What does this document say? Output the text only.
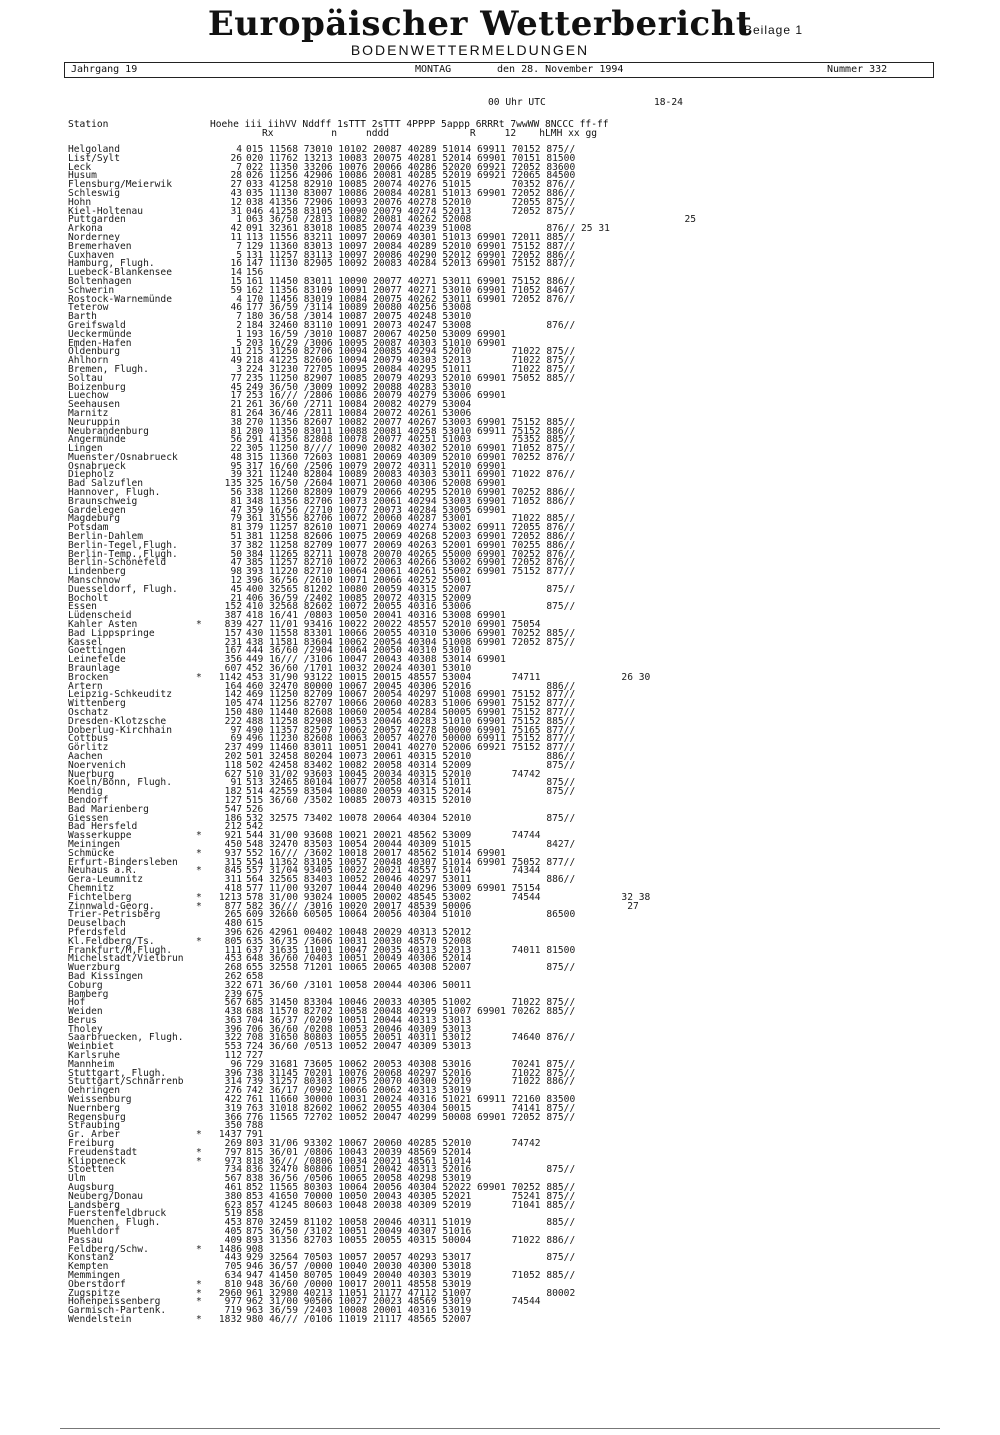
Europäischer Wetterbericht
Beilage 1
BODENWETTERMELDUNGEN
Jahrgang 19	MONTAG	den 28. November 1994	Nummer 332
00 Uhr UTC	18-24
Station	Hoehe iii iihVV Nddff 1sTTT 2sTTT 4PPPP 5appp 6RRRt 7wwWW 8NCCC ff-ff
Rx          n     nddd              R     12    hLMH xx gg
Helgoland	4 015 11568 73010 10102 20087 40289 51014 69911 70152 875//
List/Sylt	26 020 11762 13213 10083 20075 40281 52014 69901 70151 81500
Leck	7 022 11350 33206 10076 20066 40286 52020 69921 72052 83600
Husum	28 026 11256 42906 10086 20081 40285 52019 69921 72065 84500
Flensburg/Meierwik	27 033 41258 82910 10085 20074 40276 51015       70352 876//
Schleswig	43 035 11130 83007 10086 20084 40281 51013 69901 72052 886//
Hohn	12 038 41356 72906 10093 20076 40278 52010       72055 875//
Kiel-Holtenau	31 046 41258 83105 10090 20079 40274 52013       72052 875//
Puttgarden	1 063 36/50 /2813 10082 20081 40262 52008	25
Arkona	42 091 32361 83018 10085 20074 40239 51008             876// 25 31
Norderney	11 113 11556 83211 10097 20069 40301 51013 69901 72011 885//
Bremerhaven	7 129 11360 83013 10097 20084 40289 52010 69901 75152 887//
Cuxhaven	5 131 11257 83113 10097 20086 40290 52012 69901 72052 886//
Hamburg, Flugh.	16 147 11130 82905 10092 20083 40284 52013 69901 75152 887//
Luebeck-Blankensee	14 156
Boltenhagen	15 161 11450 83011 10090 20077 40271 53011 69901 75152 886//
Schwerin	59 162 11356 83109 10091 20077 40271 53010 69901 71052 8467/
Rostock-Warnemünde	4 170 11456 83019 10084 20075 40262 53011 69901 72052 876//
Teterow	46 177 36/59 /3114 10089 20080 40256 53008
Barth	7 180 36/58 /3014 10087 20075 40248 53010
Greifswald	2 184 32460 83110 10091 20073 40247 53008             876//
Ueckermünde	1 193 16/59 /3010 10087 20067 40250 53009 69901
Emden-Hafen	5 203 16/29 /3006 10095 20087 40303 51010 69901
Oldenburg	11 215 31250 82706 10094 20085 40294 52010       71022 875//
Ahlhorn	49 218 41225 82606 10094 20079 40303 52013       71022 875//
Bremen, Flugh.	3 224 31230 72705 10095 20084 40295 51011       71022 875//
Soltau	77 235 11250 82907 10085 20079 40293 52010 69901 75052 885//
Boizenburg	45 249 36/50 /3009 10092 20088 40283 53010
Luechow	17 253 16/// /2806 10086 20079 40279 53006 69901
Seehausen	21 261 36/60 /2711 10084 20082 40279 53004
Marnitz	81 264 36/46 /2811 10084 20072 40261 53006
Neuruppin	38 270 11356 82607 10082 20077 40267 53003 69901 75152 885//
Neubrandenburg	81 280 11350 83011 10088 20081 40258 53010 69911 75152 886//
Angermünde	56 291 41356 82808 10078 20077 40251 51003       75352 885//
Lingen	22 305 11250 8//// 10090 20082 40302 52010 69901 71052 875//
Muenster/Osnabrueck	48 315 11360 72603 10081 20069 40309 52010 69901 70252 876//
Osnabrueck	95 317 16/60 /2506 10079 20072 40311 52010 69901
Diepholz	39 321 11240 82804 10089 20083 40303 53011 69901 71022 876//
Bad Salzuflen	135 325 16/50 /2604 10071 20060 40306 52008 69901
Hannover, Flugh.	56 338 11260 82809 10079 20066 40295 52010 69901 70252 886//
Braunschweig	81 348 11356 82706 10073 20061 40294 53003 69901 71052 886//
Gardelegen	47 359 16/56 /2710 10077 20073 40284 53005 69901
Magdeburg	79 361 31556 82706 10072 20060 40287 53001       71022 885//
Potsdam	81 379 11257 82610 10071 20069 40274 53002 69911 72055 876//
Berlin-Dahlem	51 381 11258 82606 10075 20069 40268 52003 69901 72052 886//
Berlin-Tegel,Flugh.	37 382 11258 82709 10077 20069 40263 52001 69901 70255 886//
Berlin-Temp.,Flugh.	50 384 11265 82711 10078 20070 40265 55000 69901 70252 876//
Berlin-Schönefeld	47 385 11257 82710 10072 20063 40266 53002 69901 72052 876//
Lindenberg	98 393 11220 82710 10064 20061 40261 55002 69901 75152 877//
Manschnow	12 396 36/56 /2610 10071 20066 40252 55001
Duesseldorf, Flugh.	45 400 32565 81202 10080 20059 40315 52007             875//
Bocholt	21 406 36/59 /2402 10085 20072 40315 52009
Essen	152 410 32568 82602 10072 20055 40316 53006             875//
Lüdenscheid	387 418 16/41 /0803 10050 20041 40316 53008 69901
Kahler Asten	*	839 427 11/01 93416 10022 20022 48557 52010 69901 75054
Bad Lippspringe	157 430 11558 83301 10066 20055 40310 53006 69901 70252 885//
Kassel	231 438 11581 83604 10062 20054 40304 51008 69901 72052 875//
Goettingen	167 444 36/60 /2904 10064 20050 40310 53010
Leinefelde	356 449 16/// /3106 10047 20043 40308 53014 69901
Braunlage	607 452 36/60 /1701 10032 20024 40301 53010
Brocken	*	1142 453 31/90 93122 10015 20015 48557 53004       74711              26 30
Artern	164 460 32470 80000 10067 20045 40306 52016             886//
Leipzig-Schkeuditz	142 469 11250 82709 10067 20054 40297 51008 69901 75152 877//
Wittenberg	105 474 11256 82707 10066 20060 40283 51006 69901 75152 877//
Oschatz	150 480 11440 82608 10060 20054 40284 50005 69901 75152 877//
Dresden-Klotzsche	222 488 11258 82908 10053 20046 40283 51010 69901 75152 885//
Doberlug-Kirchhain	97 490 11357 82507 10062 20057 40278 50000 69901 75165 877//
Cottbus	69 496 11230 82608 10063 20057 40270 50000 69911 75152 877//
Görlitz	237 499 11460 83011 10051 20041 40270 52006 69921 75152 877//
Aachen	202 501 32458 80204 10073 20061 40315 52010             886//
Noervenich	118 502 42458 83402 10082 20058 40314 52009             875//
Nuerburg	627 510 31/02 93603 10045 20034 40315 52010       74742
Koeln/Bonn, Flugh.	91 513 32465 80104 10077 20058 40314 51011             875//
Mendig	182 514 42559 83504 10080 20059 40315 52014             875//
Bendorf	127 515 36/60 /3502 10085 20073 40315 52010
Bad Marienberg	547 526
Giessen	186 532 32575 73402 10078 20064 40304 52010             875//
Bad Hersfeld	212 542
Wasserkuppe	*	921 544 31/00 93608 10021 20021 48562 53009       74744
Meiningen	450 548 32470 83503 10054 20044 40309 51015             8427/
Schmücke	*	937 552 16/// /3602 10018 20017 48562 51014 69901
Erfurt-Bindersleben	315 554 11362 83105 10057 20048 40307 51014 69901 75052 877//
Neuhaus a.R.	*	845 557 31/04 93405 10022 20021 48557 51014       74344
Gera-Leumnitz	311 564 32565 83403 10052 20046 40297 53011             886//
Chemnitz	418 577 11/00 93207 10044 20040 40296 53009 69901 75154
Fichtelberg	*	1213 578 31/00 93024 10005 20002 48545 53002       74544              32 38
Zinnwald-Georg.	*	877 582 36/// /3016 10020 20017 48539 50006                           27
Trier-Petrisberg	265 609 32660 60505 10064 20056 40304 51010             86500
Deuselbach	480 615
Pferdsfeld	396 626 42961 00402 10048 20029 40313 52012
Kl.Feldberg/Ts.	*	805 635 36/35 /3606 10031 20030 48570 52008
Frankfurt/M,Flugh.	111 637 31635 11001 10047 20035 40313 52013       74011 81500
Michelstadt/Vielbrun	453 648 36/60 /0403 10051 20049 40306 52014
Wuerzburg	268 655 32558 71201 10065 20065 40308 52007             875//
Bad Kissingen	262 658
Coburg	322 671 36/60 /3101 10058 20044 40306 50011
Bamberg	239 675
Hof	567 685 31450 83304 10046 20033 40305 51002       71022 875//
Weiden	438 688 11570 82702 10058 20048 40299 51007 69901 70262 885//
Berus	363 704 36/37 /0209 10051 20044 40313 53013
Tholey	396 706 36/60 /0208 10053 20046 40309 53013
Saarbruecken, Flugh.	322 708 31650 80803 10055 20051 40311 53012       74640 876//
Weinbiet	553 724 36/60 /0513 10052 20047 40309 53013
Karlsruhe	112 727
Mannheim	96 729 31681 73605 10062 20053 40308 53016       70241 875//
Stuttgart, Flugh.	396 738 31145 70201 10076 20068 40297 52016       71022 875//
Stuttgart/Schnarrenb	314 739 31257 80303 10075 20070 40300 52019       71022 886//
Oehringen	276 742 36/17 /0902 10066 20062 40313 53019
Weissenburg	422 761 11660 30000 10031 20024 40316 51021 69911 72160 83500
Nuernberg	319 763 31018 82602 10062 20055 40304 50015       74141 875//
Regensburg	366 776 11565 72702 10052 20047 40299 50008 69901 72052 875//
Straubing	350 788
Gr. Arber	*	1437 791
Freiburg	269 803 31/06 93302 10067 20060 40285 52010       74742
Freudenstadt	*	797 815 36/01 /0806 10043 20039 48569 52014
Klippeneck	*	973 818 36/// /0806 10034 20021 48561 51014
Stoetten	734 836 32470 80806 10051 20042 40313 52016             875//
Ulm	567 838 36/56 /0506 10065 20058 40298 53019
Augsburg	461 852 11565 80303 10064 20056 40304 52022 69901 70252 885//
Neuberg/Donau	380 853 41650 70000 10050 20043 40305 52021       75241 875//
Landsberg	623 857 41245 80603 10048 20038 40309 52019       71041 885//
Fuerstenfeldbruck	519 858
Muenchen, Flugh.	453 870 32459 81102 10058 20046 40311 51019             885//
Muehldorf	405 875 36/50 /3102 10051 20049 40307 51016
Passau	409 893 31356 82703 10055 20055 40315 50004       71022 886//
Feldberg/Schw.	*	1486 908
Konstanz	443 929 32564 70503 10057 20057 40293 53017             875//
Kempten	705 946 36/57 /0000 10040 20030 40300 53018
Memmingen	634 947 41450 80705 10049 20040 40303 53019       71052 885//
Oberstdorf	*	810 948 36/60 /0000 10017 20011 48558 53019
Zugspitze	*	2960 961 32980 40213 11051 21177 47112 51007             80002
Hohenpeissenberg	*	977 962 31/00 90506 10027 20023 48569 53019       74544
Garmisch-Partenk.	719 963 36/59 /2403 10008 20001 40316 53019
Wendelstein	*	1832 980 46/// /0106 11019 21117 48565 52007
